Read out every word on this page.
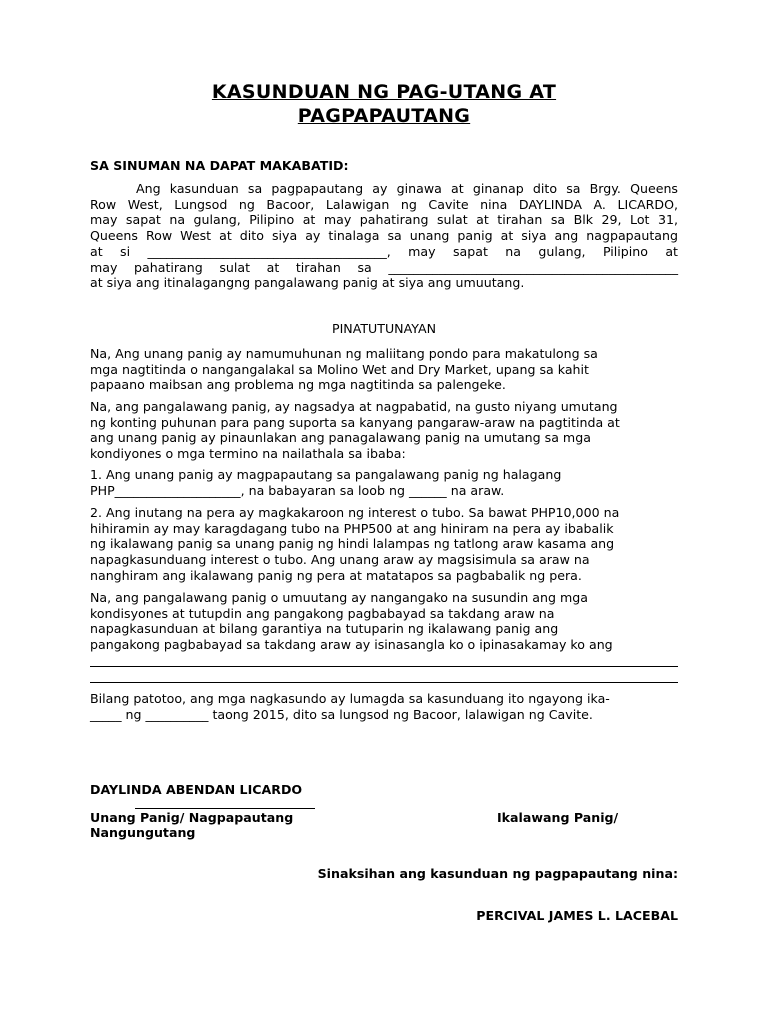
KASUNDUAN NG PAG-UTANG AT
PAGPAPAUTANG
SA SINUMAN NA DAPAT MAKABATID:
Ang kasunduan sa pagpapautang ay ginawa at ginanap dito sa Brgy. Queens
Row West, Lungsod ng Bacoor, Lalawigan ng Cavite nina DAYLINDA A. LICARDO,
may sapat na gulang, Pilipino at may pahatirang sulat at tirahan sa Blk 29, Lot 31,
Queens Row West at dito siya ay tinalaga sa unang panig at siya ang nagpapautang
at si ______________________________________, may sapat na gulang, Pilipino at
may pahatirang sulat at tirahan sa ______________________________________________
at siya ang itinalagangng pangalawang panig at siya ang umuutang.
PINATUTUNAYAN
Na, Ang unang panig ay namumuhunan ng maliitang pondo para makatulong sa
mga nagtitinda o nangangalakal sa Molino Wet and Dry Market, upang sa kahit
papaano maibsan ang problema ng mga nagtitinda sa palengeke.
Na, ang pangalawang panig, ay nagsadya at nagpabatid, na gusto niyang umutang
ng konting puhunan para pang suporta sa kanyang pangaraw-araw na pagtitinda at
ang unang panig ay pinaunlakan ang panagalawang panig na umutang sa mga
kondiyones o mga termino na nailathala sa ibaba:
1. Ang unang panig ay magpapautang sa pangalawang panig ng halagang
PHP____________________, na babayaran sa loob ng ______ na araw.
2. Ang inutang na pera ay magkakaroon ng interest o tubo. Sa bawat PHP10,000 na
hihiramin ay may karagdagang tubo na PHP500 at ang hiniram na pera ay ibabalik
ng ikalawang panig sa unang panig ng hindi lalampas ng tatlong araw kasama ang
napagkasunduang interest o tubo. Ang unang araw ay magsisimula sa araw na
nanghiram ang ikalawang panig ng pera at matatapos sa pagbabalik ng pera.
Na, ang pangalawang panig o umuutang ay nangangako na susundin ang mga
kondisyones at tutupdin ang pangakong pagbabayad sa takdang araw na
napagkasunduan at bilang garantiya na tutuparin ng ikalawang panig ang
pangakong pagbabayad sa takdang araw ay isinasangla ko o ipinasakamay ko ang
Bilang patotoo, ang mga nagkasundo ay lumagda sa kasunduang ito ngayong ika-
_____ ng __________ taong 2015, dito sa lungsod ng Bacoor, lalawigan ng Cavite.
DAYLINDA ABENDAN LICARDO
Unang Panig/ Nagpapautang	Ikalawang Panig/
Nangungutang
Sinaksihan ang kasunduan ng pagpapautang nina:
PERCIVAL JAMES L. LACEBAL
